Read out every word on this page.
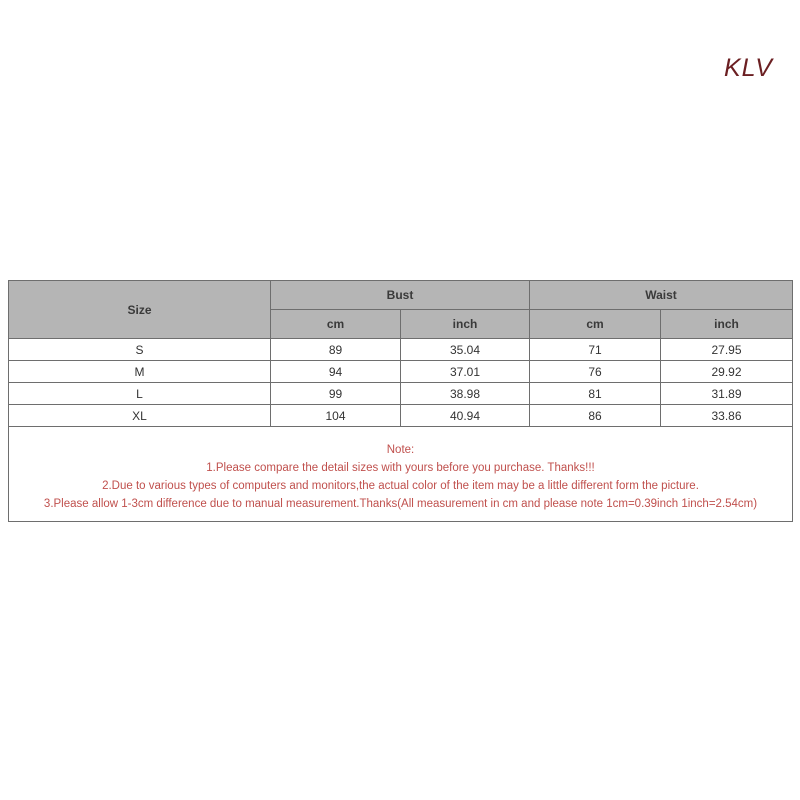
KLV
Size	Bust		Waist	
	cm	inch	cm	inch
S	89	35.04	71	27.95
M	94	37.01	76	29.92
L	99	38.98	81	31.89
XL	104	40.94	86	33.86

Note:
1.Please compare the detail sizes with yours before you purchase. Thanks!!!
2.Due to various types of computers and monitors,the actual color of the item may be a little different form the picture.
3.Please allow 1-3cm difference due to manual measurement.Thanks(All measurement in cm and please note 1cm=0.39inch 1inch=2.54cm)				
